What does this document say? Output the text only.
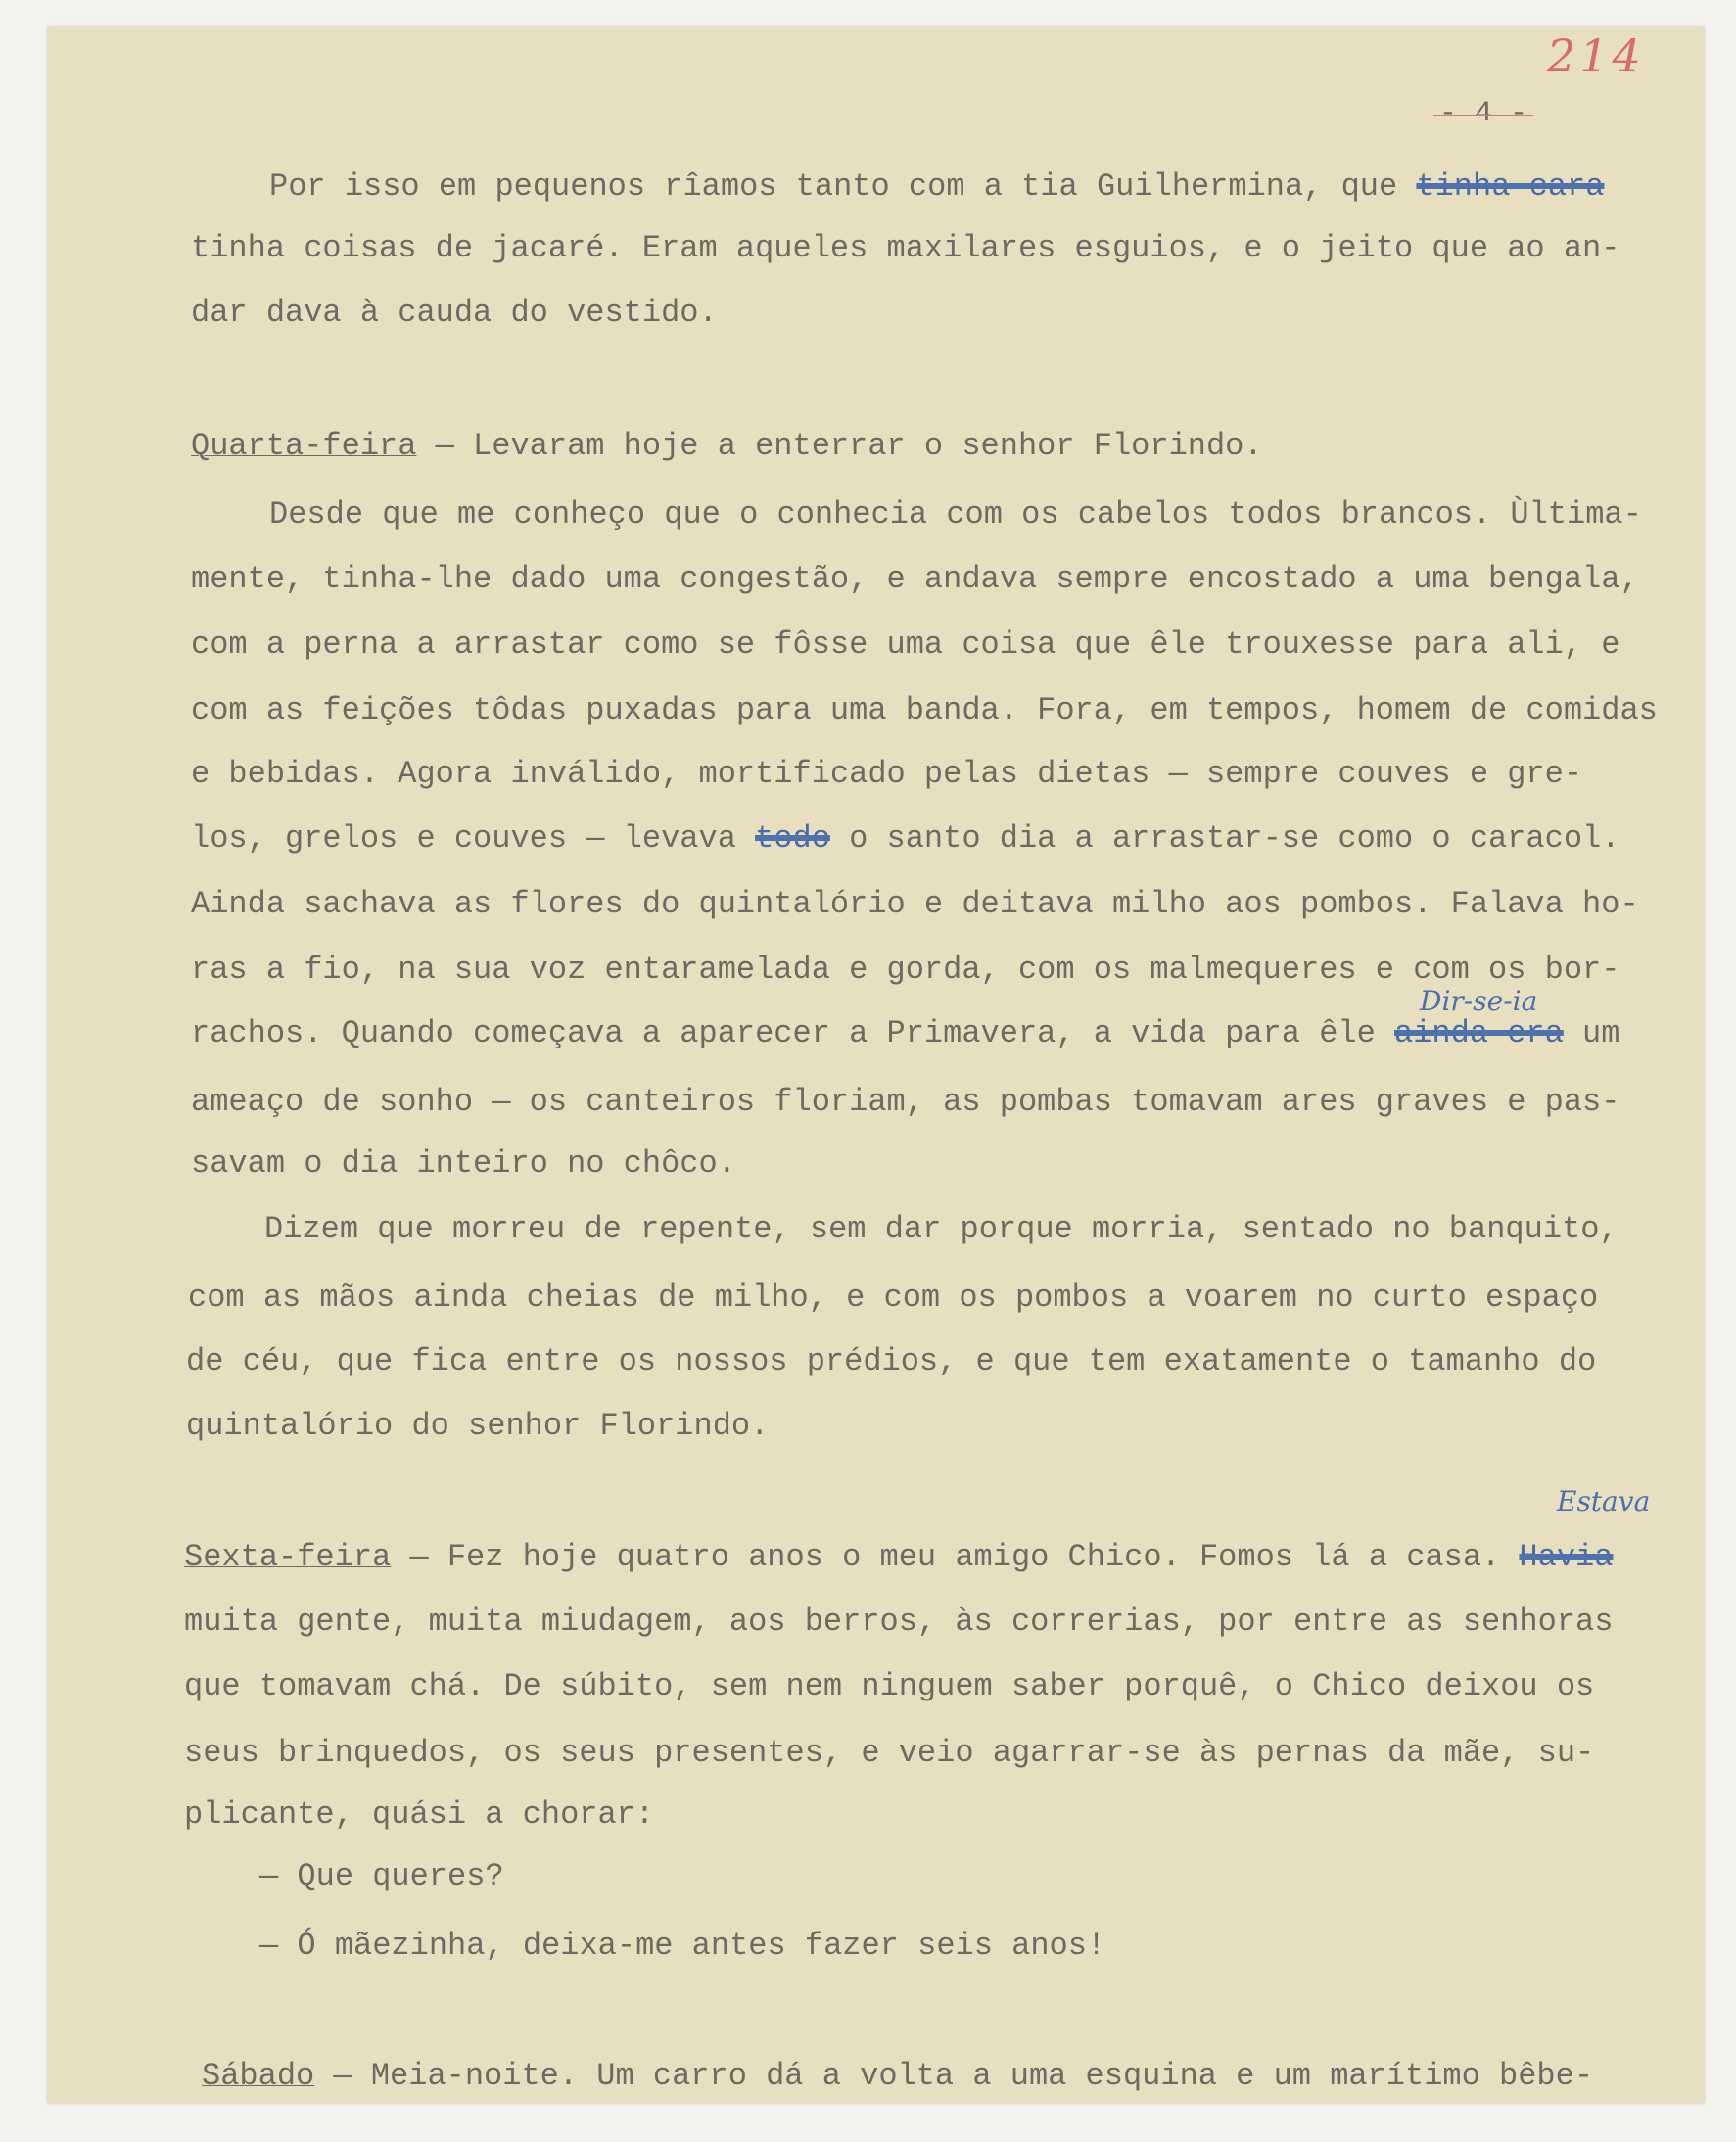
214
- 4 -
Dir-se-ia
Estava
Por isso em pequenos rîamos tanto com a tia Guilhermina, que tinha cara
tinha coisas de jacaré. Eram aqueles maxilares esguios, e o jeito que ao an-
dar dava à cauda do vestido.
Quarta-feira — Levaram hoje a enterrar o senhor Florindo.
Desde que me conheço que o conhecia com os cabelos todos brancos. Ùltima-
mente, tinha-lhe dado uma congestão, e andava sempre encostado a uma bengala,
com a perna a arrastar como se fôsse uma coisa que êle trouxesse para ali, e
com as feições tôdas puxadas para uma banda. Fora, em tempos, homem de comidas
e bebidas. Agora inválido, mortificado pelas dietas — sempre couves e gre-
los, grelos e couves — levava todo o santo dia a arrastar-se como o caracol.
Ainda sachava as flores do quintalório e deitava milho aos pombos. Falava ho-
ras a fio, na sua voz entaramelada e gorda, com os malmequeres e com os bor-
rachos. Quando começava a aparecer a Primavera, a vida para êle ainda era um
ameaço de sonho — os canteiros floriam, as pombas tomavam ares graves e pas-
savam o dia inteiro no chôco.
Dizem que morreu de repente, sem dar porque morria, sentado no banquito,
com as mãos ainda cheias de milho, e com os pombos a voarem no curto espaço
de céu, que fica entre os nossos prédios, e que tem exatamente o tamanho do
quintalório do senhor Florindo.
Sexta-feira — Fez hoje quatro anos o meu amigo Chico. Fomos lá a casa. Havia
muita gente, muita miudagem, aos berros, às correrias, por entre as senhoras
que tomavam chá. De súbito, sem nem ninguem saber porquê, o Chico deixou os
seus brinquedos, os seus presentes, e veio agarrar-se às pernas da mãe, su-
plicante, quási a chorar:
— Que queres?
— Ó mãezinha, deixa-me antes fazer seis anos!
Sábado — Meia-noite. Um carro dá a volta a uma esquina e um marítimo bêbe-
